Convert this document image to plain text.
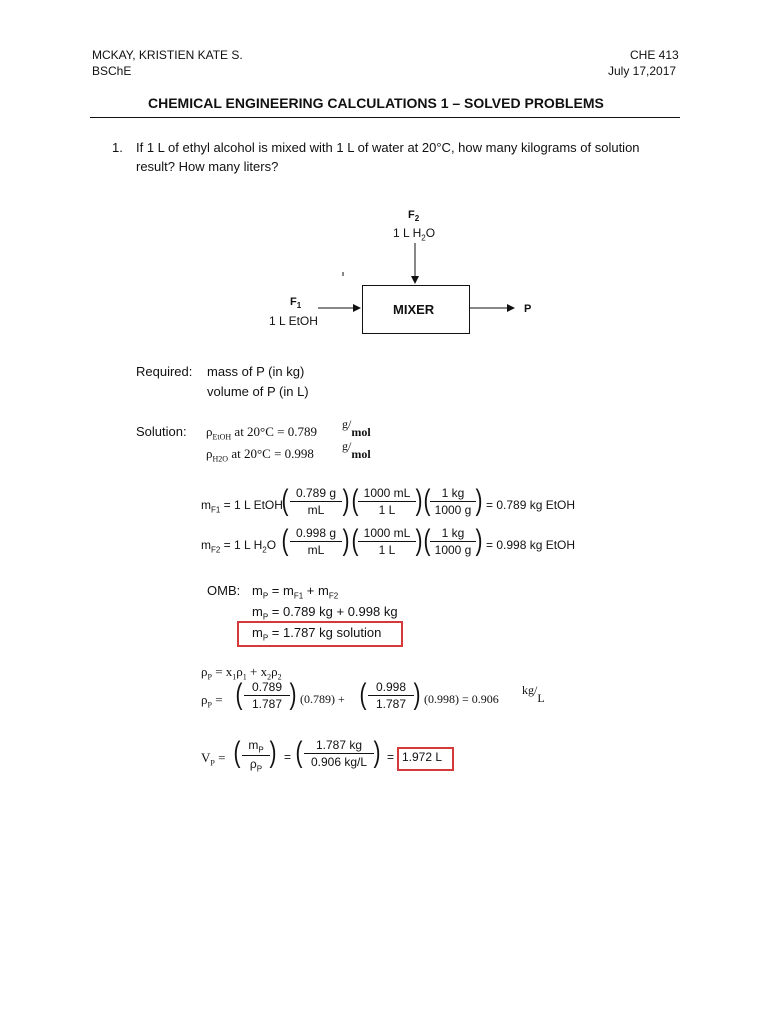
MCKAY, KRISTIEN KATE S.
BSChE
CHE 413
July 17,2017
CHEMICAL ENGINEERING CALCULATIONS 1 – SOLVED PROBLEMS
1. If 1 L of ethyl alcohol is mixed with 1 L of water at 20°C, how many kilograms of solution
result? How many liters?
$F_2$
1 L $H_2O$
$F_1$
1 L EtOH
MIXER	P
Required: mass of P (in kg)
volume of P (in L)
Solution: $\rho_{EtOH}$ at 20°C = 0.789 g/mol
$\rho_{H2O}$ at 20°C = 0.998 g/mol
$m_{F1} = 1$ L EtOH
( $\frac{0.789 g}{mL}$ ) ( $\frac{1000 mL}{1 L}$ ) ( $\frac{1 kg}{1000 g}$ ) = 0.789 kg EtOH
$m_{F2} = 1$ L $H_2O$ ( $\frac{0.998 g}{mL}$ ) ( $\frac{1000 mL}{1 L}$ ) ( $\frac{1 kg}{1000 g}$ ) = 0.998 kg EtOH
OMB: $m_P = m_{F1} + m_{F2}$
$m_P = 0.789$ kg + 0.998 kg
$m_P = 1.787$ kg solution
$\rho_P = x_1\rho_1 + x_2\rho_2$
$\rho_P$ = ( $\frac{0.789}{1.787}$ ) (0.789) + ( $\frac{0.998}{1.787}$ ) (0.998) = 0.906
kg/L
$V_P$ = ( $\frac{m_P}{\rho_P}$ ) = ( $\frac{1.787 kg}{0.906 kg/L}$ ) = 1.972 L
